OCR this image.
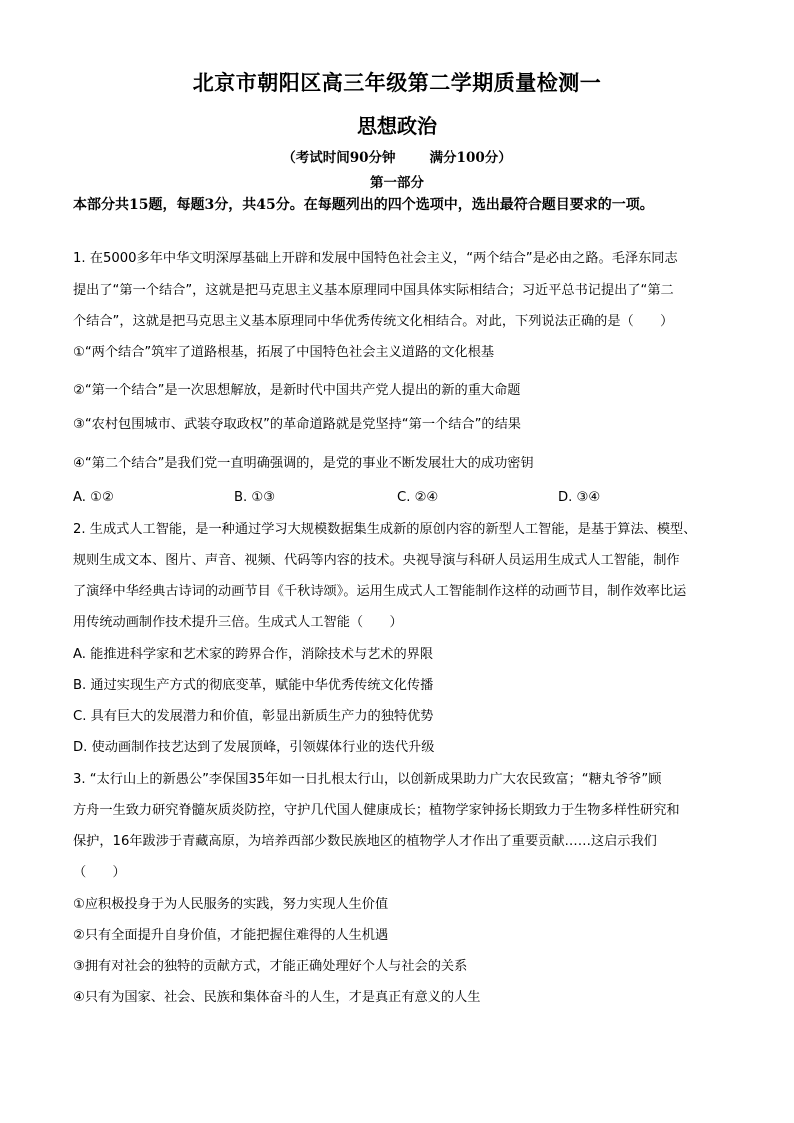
北京市朝阳区高三年级第二学期质量检测一
思想政治
（考试时间90分钟	满分100分）
第一部分
本部分共15题，每题3分，共45分。在每题列出的四个选项中，选出最符合题目要求的一项。
1. 在5000多年中华文明深厚基础上开辟和发展中国特色社会主义，“两个结合”是必由之路。毛泽东同志
提出了“第一个结合”，这就是把马克思主义基本原理同中国具体实际相结合；习近平总书记提出了“第二
个结合”，这就是把马克思主义基本原理同中华优秀传统文化相结合。对此，下列说法正确的是（　　）
①“两个结合”筑牢了道路根基，拓展了中国特色社会主义道路的文化根基
②“第一个结合”是一次思想解放，是新时代中国共产党人提出的新的重大命题
③“农村包围城市、武装夺取政权”的革命道路就是党坚持“第一个结合”的结果
④“第二个结合”是我们党一直明确强调的，是党的事业不断发展壮大的成功密钥
A. ①②	B. ①③	C. ②④	D. ③④
2. 生成式人工智能，是一种通过学习大规模数据集生成新的原创内容的新型人工智能，是基于算法、模型、
规则生成文本、图片、声音、视频、代码等内容的技术。央视导演与科研人员运用生成式人工智能，制作
了演绎中华经典古诗词的动画节目《千秋诗颂》。运用生成式人工智能制作这样的动画节目，制作效率比运
用传统动画制作技术提升三倍。生成式人工智能（　　）
A. 能推进科学家和艺术家的跨界合作，消除技术与艺术的界限
B. 通过实现生产方式的彻底变革，赋能中华优秀传统文化传播
C. 具有巨大的发展潜力和价值，彰显出新质生产力的独特优势
D. 使动画制作技艺达到了发展顶峰，引领媒体行业的迭代升级
3. “太行山上的新愚公”李保国35年如一日扎根太行山，以创新成果助力广大农民致富；“糖丸爷爷”顾
方舟一生致力研究脊髓灰质炎防控，守护几代国人健康成长；植物学家钟扬长期致力于生物多样性研究和
保护，16年跋涉于青藏高原，为培养西部少数民族地区的植物学人才作出了重要贡献……这启示我们
（　　）
①应积极投身于为人民服务的实践，努力实现人生价值
②只有全面提升自身价值，才能把握住难得的人生机遇
③拥有对社会的独特的贡献方式，才能正确处理好个人与社会的关系
④只有为国家、社会、民族和集体奋斗的人生，才是真正有意义的人生
